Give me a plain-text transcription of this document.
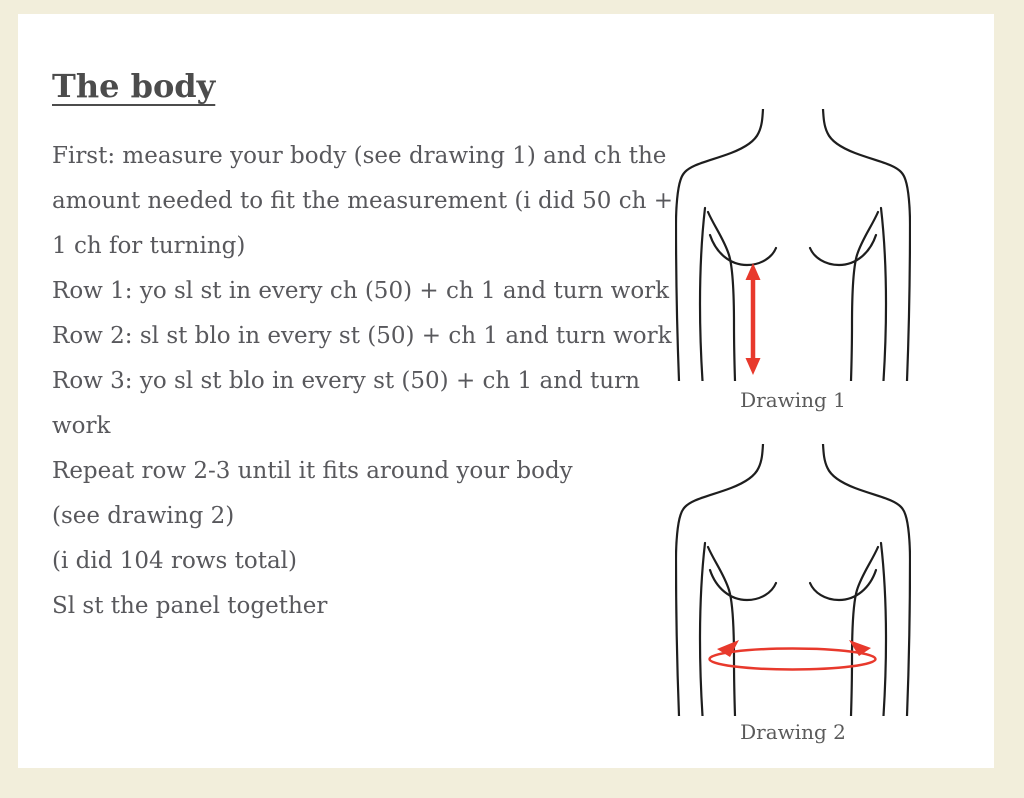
The body
First: measure your body (see drawing 1) and ch the
amount needed to fit the measurement (i did 50 ch +
1 ch for turning)
Row 1: yo sl st in every ch (50) + ch 1 and turn work
Row 2: sl st blo in every st (50) + ch 1 and turn work
Row 3: yo sl st blo in every st (50) + ch 1 and turn
work
Repeat row 2-3 until it fits around your body
(see drawing 2)
(i did 104 rows total)
Sl st the panel together
Drawing 1
Drawing 2
